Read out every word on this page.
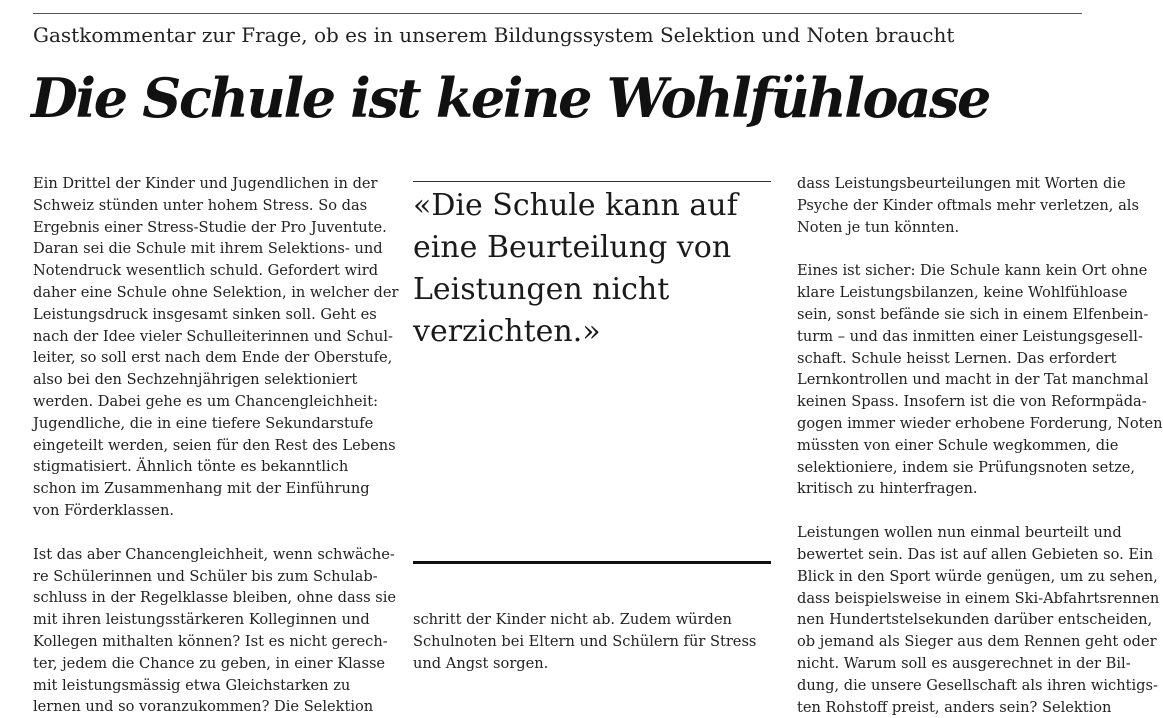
Gastkommentar zur Frage, ob es in unserem Bildungssystem Selektion und Noten braucht
Die Schule ist keine Wohlfühloase

Ein Drittel der Kinder und Jugendlichen in der
Schweiz stünden unter hohem Stress. So das
Ergebnis einer Stress-Studie der Pro Juventute.
Daran sei die Schule mit ihrem Selektions- und
Notendruck wesentlich schuld. Gefordert wird
daher eine Schule ohne Selektion, in welcher der
Leistungsdruck insgesamt sinken soll. Geht es
nach der Idee vieler Schulleiterinnen und Schul-
leiter, so soll erst nach dem Ende der Oberstufe,
also bei den Sechzehnjährigen selektioniert
werden. Dabei gehe es um Chancengleichheit:
Jugendliche, die in eine tiefere Sekundarstufe
eingeteilt werden, seien für den Rest des Lebens
stigmatisiert. Ähnlich tönte es bekanntlich
schon im Zusammenhang mit der Einführung
von Förderklassen.

Ist das aber Chancengleichheit, wenn schwäche-
re Schülerinnen und Schüler bis zum Schulab-
schluss in der Regelklasse bleiben, ohne dass sie
mit ihren leistungsstärkeren Kolleginnen und
Kollegen mithalten können? Ist es nicht gerech-
ter, jedem die Chance zu geben, in einer Klasse
mit leistungsmässig etwa Gleichstarken zu
lernen und so voranzukommen? Die Selektion

«Die Schule kann auf
eine Beurteilung von
Leistungen nicht
verzichten.»

schritt der Kinder nicht ab. Zudem würden
Schulnoten bei Eltern und Schülern für Stress
und Angst sorgen.

dass Leistungsbeurteilungen mit Worten die
Psyche der Kinder oftmals mehr verletzen, als
Noten je tun könnten.

Eines ist sicher: Die Schule kann kein Ort ohne
klare Leistungsbilanzen, keine Wohlfühloase
sein, sonst befände sie sich in einem Elfenbein-
turm – und das inmitten einer Leistungsgesell-
schaft. Schule heisst Lernen. Das erfordert
Lernkontrollen und macht in der Tat manchmal
keinen Spass. Insofern ist die von Reformpäda-
gogen immer wieder erhobene Forderung, Noten
müssten von einer Schule wegkommen, die
selektioniere, indem sie Prüfungsnoten setze,
kritisch zu hinterfragen.

Leistungen wollen nun einmal beurteilt und
bewertet sein. Das ist auf allen Gebieten so. Ein
Blick in den Sport würde genügen, um zu sehen,
dass beispielsweise in einem Ski-Abfahrtsrennen
nen Hundertstelsekunden darüber entscheiden,
ob jemand als Sieger aus dem Rennen geht oder
nicht. Warum soll es ausgerechnet in der Bil-
dung, die unsere Gesellschaft als ihren wichtigs-
ten Rohstoff preist, anders sein? Selektion
